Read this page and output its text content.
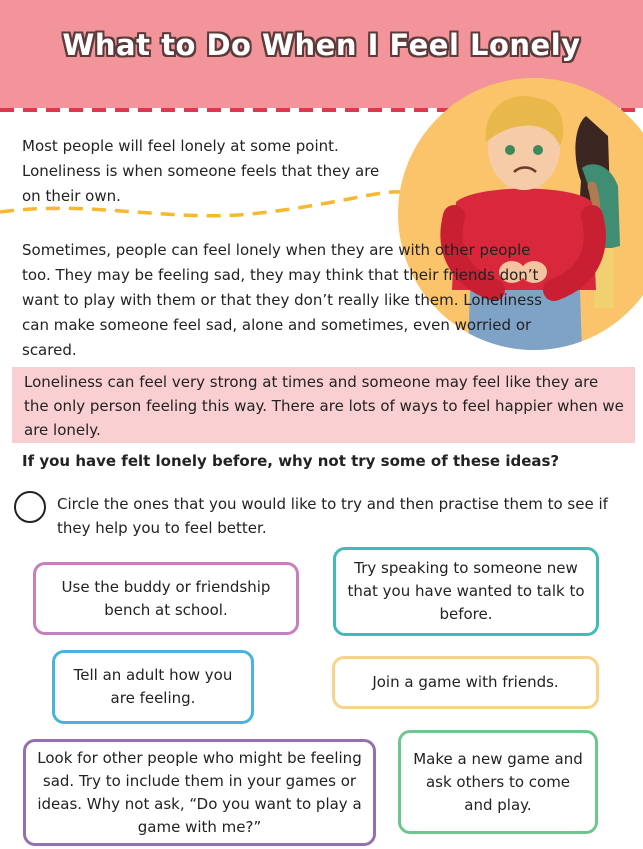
What to Do When I Feel Lonely

Most people will feel lonely at some point. Loneliness is when someone feels that they are on their own.

Sometimes, people can feel lonely when they are with other people too. They may be feeling sad, they may think that their friends don’t want to play with them or that they don’t really like them. Loneliness can make someone feel sad, alone and sometimes, even worried or scared.

Loneliness can feel very strong at times and someone may feel like they are the only person feeling this way. There are lots of ways to feel happier when we are lonely.

If you have felt lonely before, why not try some of these ideas?

Circle the ones that you would like to try and then practise them to see if they help you to feel better.

Use the buddy or friendship bench at school.
Try speaking to someone new that you have wanted to talk to before.
Tell an adult how you are feeling.
Join a game with friends.
Look for other people who might be feeling sad. Try to include them in your games or ideas. Why not ask, “Do you want to play a game with me?”
Make a new game and ask others to come and play.
